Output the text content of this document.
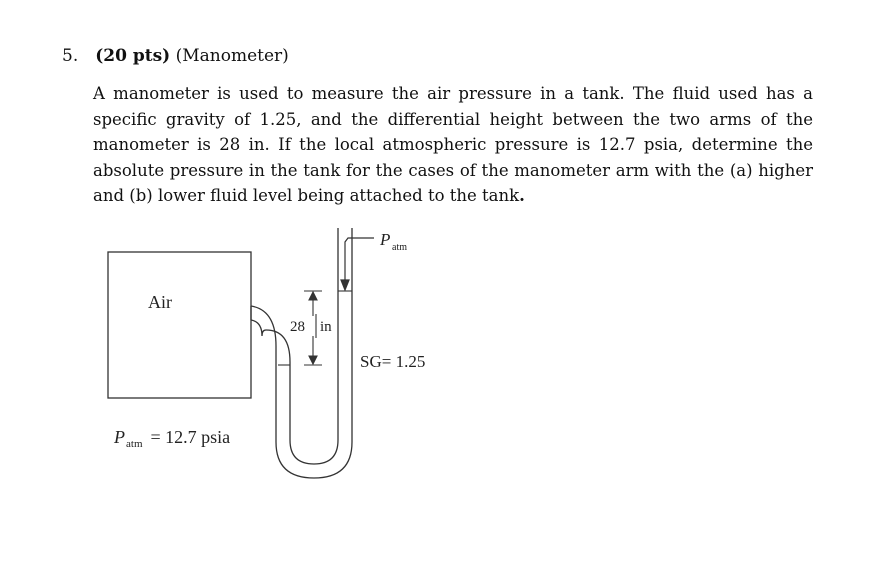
5. (20 pts) (Manometer)
A manometer is used to measure the air pressure in a tank. The fluid used has a specific gravity of 1.25, and the differential height between the two arms of the manometer is 28 in. If the local atmospheric pressure is 12.7 psia, determine the absolute pressure in the tank for the cases of the manometer arm with the (a) higher and (b) lower fluid level being attached to the tank.
Air
28 in
P atm
SG= 1.25
P atm = 12.7 psia
